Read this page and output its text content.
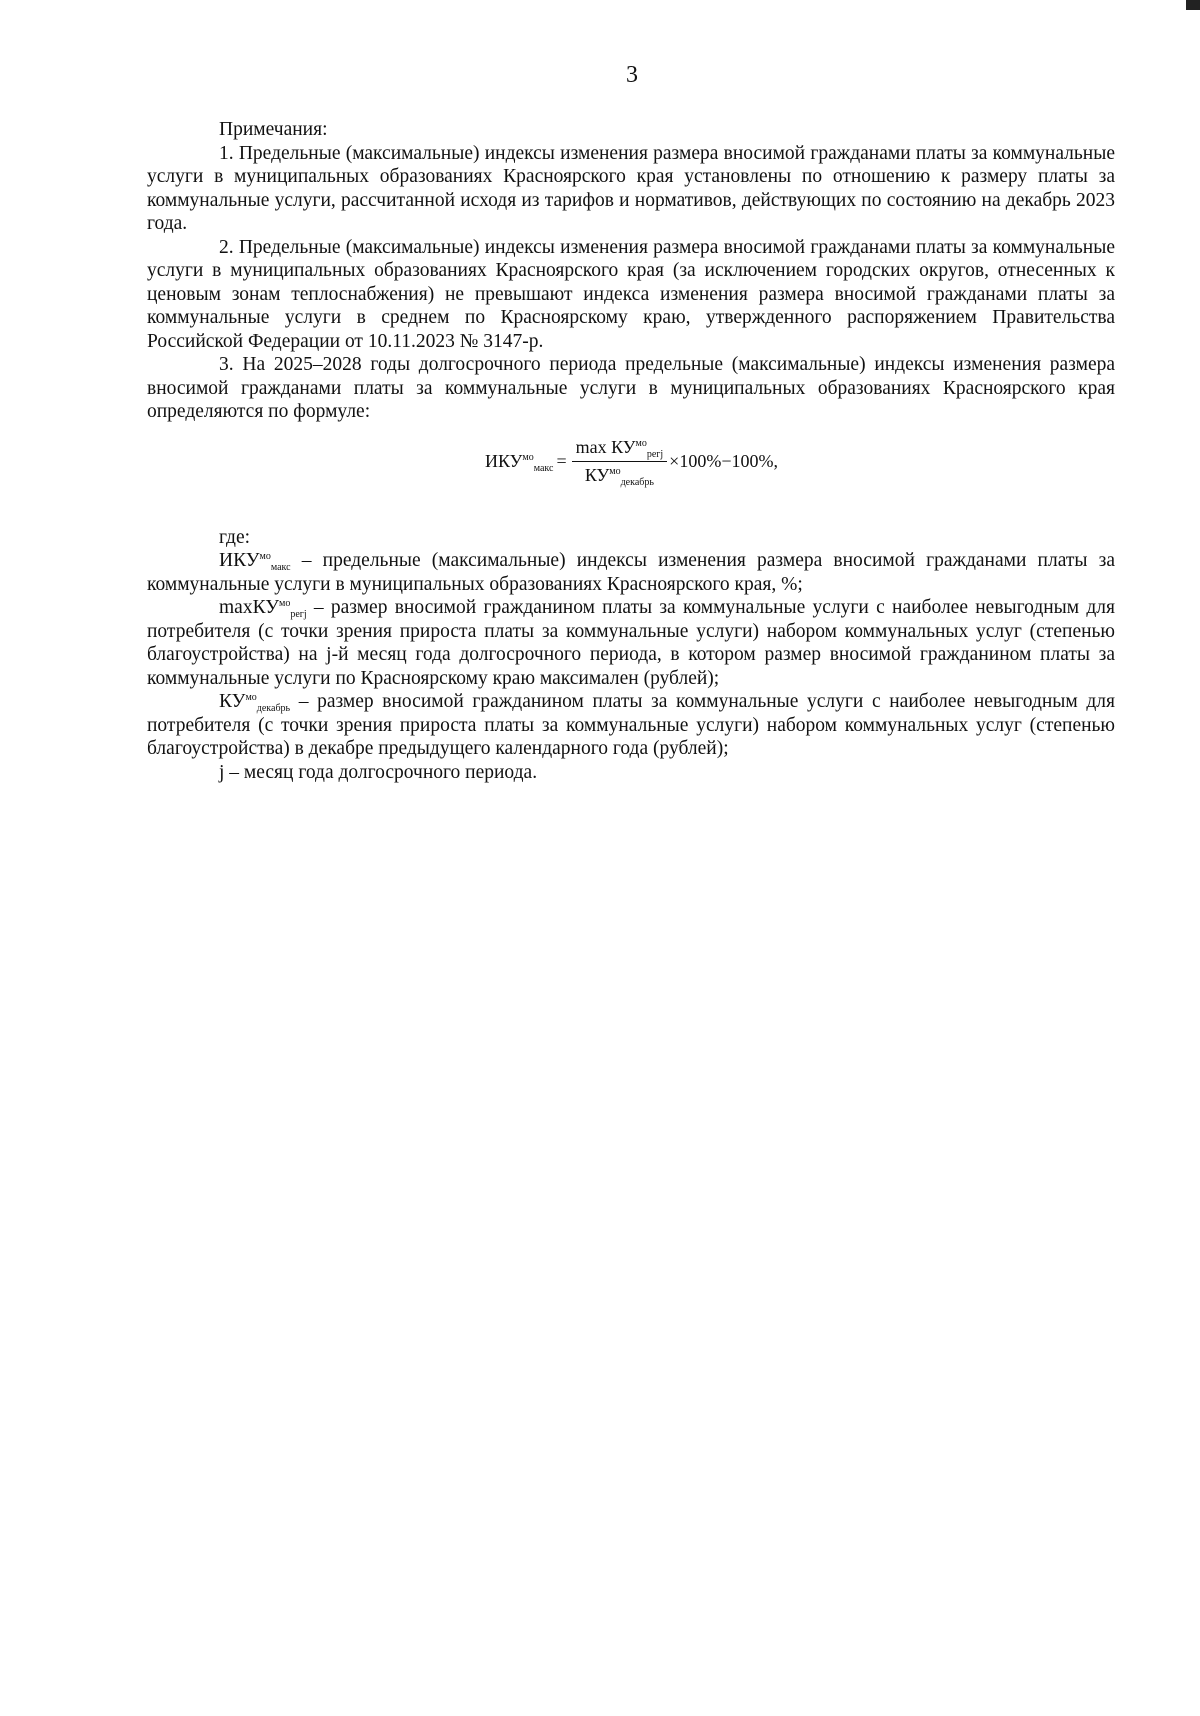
3

Примечания:

1. Предельные (максимальные) индексы изменения размера вносимой гражданами платы за коммунальные услуги в муниципальных образованиях Красноярского края установлены по отношению к размеру платы за коммунальные услуги, рассчитанной исходя из тарифов и нормативов, действующих по состоянию на декабрь 2023 года.

2. Предельные (максимальные) индексы изменения размера вносимой гражданами платы за коммунальные услуги в муниципальных образованиях Красноярского края (за исключением городских округов, отнесенных к ценовым зонам теплоснабжения) не превышают индекса изменения размера вносимой гражданами платы за коммунальные услуги в среднем по Красноярскому краю, утвержденного распоряжением Правительства Российской Федерации от 10.11.2023 № 3147-р.

3. На 2025–2028 годы долгосрочного периода предельные (максимальные) индексы изменения размера вносимой гражданами платы за коммунальные услуги в муниципальных образованиях Красноярского края определяются по формуле:

$ИКУ^{мо}_{макс} = \frac{\max КУ^{мо}_{регj}}{КУ^{мо}_{декабрь}} \times 100\%-100\%$,

где:

$ИКУ^{мо}_{макс}$ – предельные (максимальные) индексы изменения размера вносимой гражданами платы за коммунальные услуги в муниципальных образованиях Красноярского края, %;

maxКУ$^{мо}_{регj}$ – размер вносимой гражданином платы за коммунальные услуги с наиболее невыгодным для потребителя (с точки зрения прироста платы за коммунальные услуги) набором коммунальных услуг (степенью благоустройства) на j-й месяц года долгосрочного периода, в котором размер вносимой гражданином платы за коммунальные услуги по Красноярскому краю максимален (рублей);

$КУ^{мо}_{декабрь}$ – размер вносимой гражданином платы за коммунальные услуги с наиболее невыгодным для потребителя (с точки зрения прироста платы за коммунальные услуги) набором коммунальных услуг (степенью благоустройства) в декабре предыдущего календарного года (рублей);

j – месяц года долгосрочного периода.
